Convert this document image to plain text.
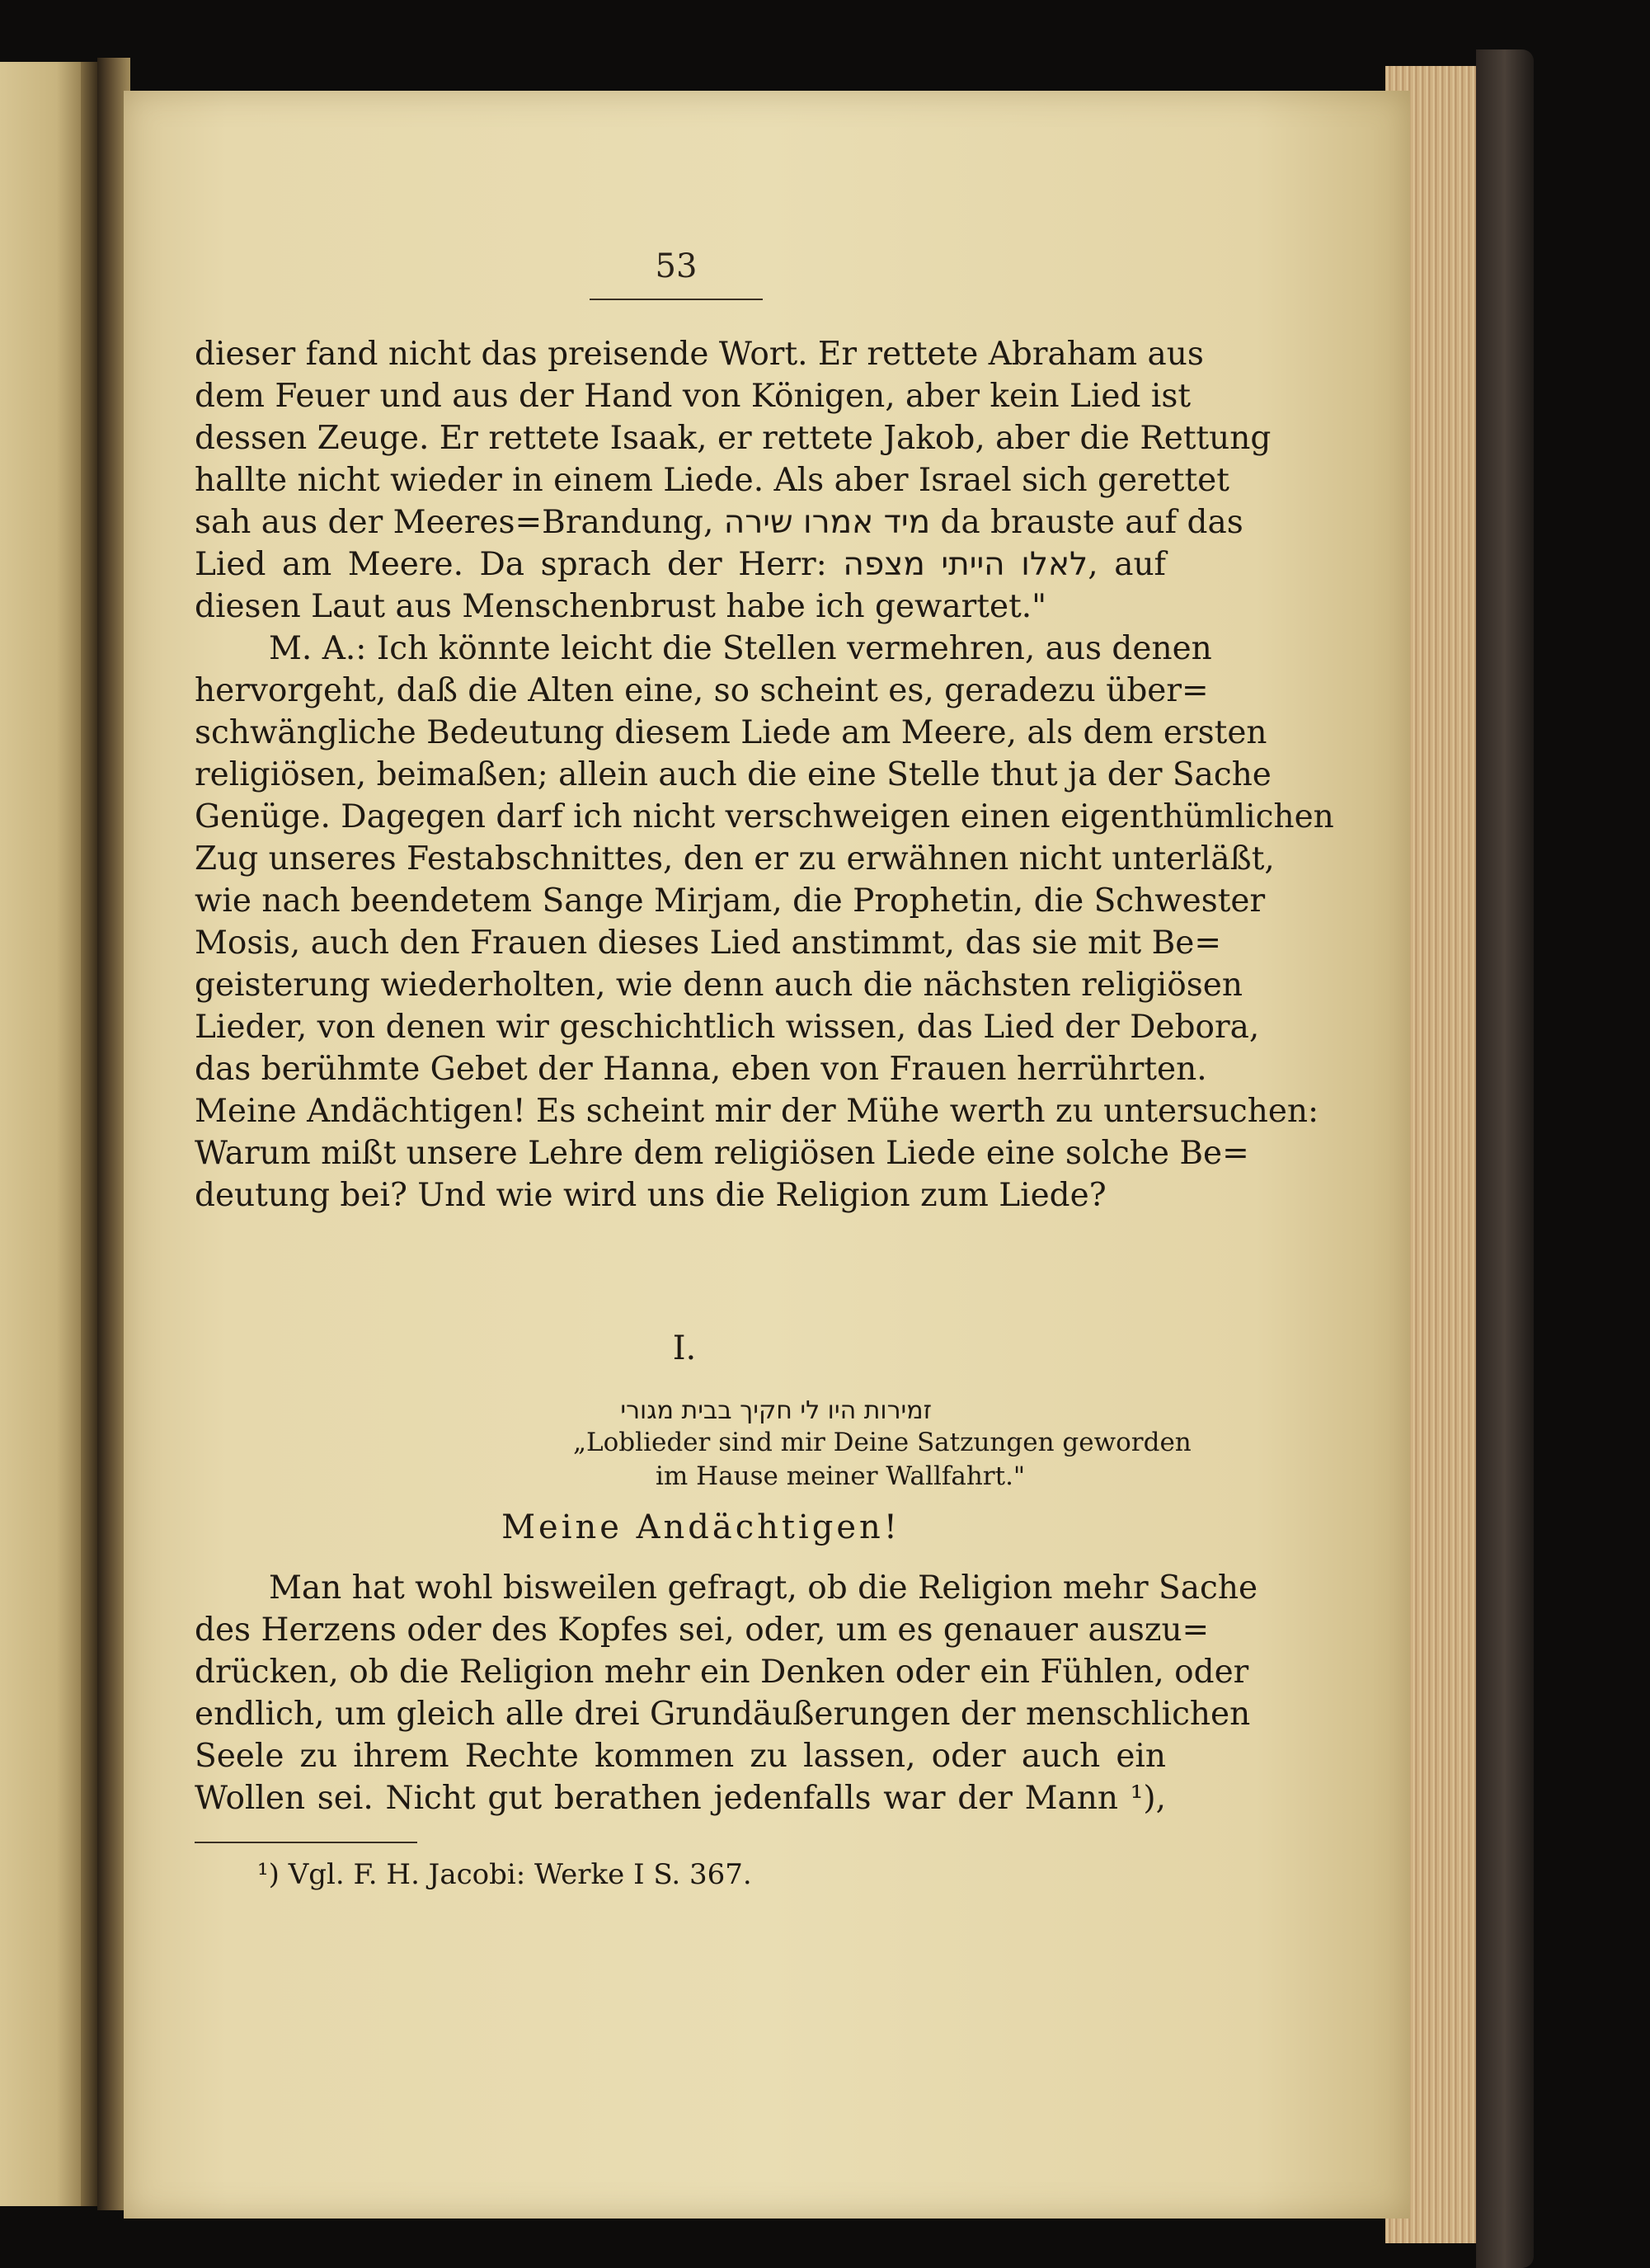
53
dieser fand nicht das preisende Wort. Er rettete Abraham aus
dem Feuer und aus der Hand von Königen, aber kein Lied ist
dessen Zeuge. Er rettete Isaak, er rettete Jakob, aber die Rettung
hallte nicht wieder in einem Liede. Als aber Israel sich gerettet
sah aus der Meeres=Brandung, מיד אמרו שירה da brauste auf das
Lied am Meere. Da sprach der Herr: לאלו הייתי מצפה, auf
diesen Laut aus Menschenbrust habe ich gewartet."
M. A.: Ich könnte leicht die Stellen vermehren, aus denen
hervorgeht, daß die Alten eine, so scheint es, geradezu über=
schwängliche Bedeutung diesem Liede am Meere, als dem ersten
religiösen, beimaßen; allein auch die eine Stelle thut ja der Sache
Genüge. Dagegen darf ich nicht verschweigen einen eigenthümlichen
Zug unseres Festabschnittes, den er zu erwähnen nicht unterläßt,
wie nach beendetem Sange Mirjam, die Prophetin, die Schwester
Mosis, auch den Frauen dieses Lied anstimmt, das sie mit Be=
geisterung wiederholten, wie denn auch die nächsten religiösen
Lieder, von denen wir geschichtlich wissen, das Lied der Debora,
das berühmte Gebet der Hanna, eben von Frauen herrührten.
Meine Andächtigen! Es scheint mir der Mühe werth zu untersuchen:
Warum mißt unsere Lehre dem religiösen Liede eine solche Be=
deutung bei? Und wie wird uns die Religion zum Liede?
I.
זמירות היו לי חקיך בבית מגורי
„Loblieder sind mir Deine Satzungen geworden
im Hause meiner Wallfahrt."
Meine Andächtigen!
Man hat wohl bisweilen gefragt, ob die Religion mehr Sache
des Herzens oder des Kopfes sei, oder, um es genauer auszu=
drücken, ob die Religion mehr ein Denken oder ein Fühlen, oder
endlich, um gleich alle drei Grundäußerungen der menschlichen
Seele zu ihrem Rechte kommen zu lassen, oder auch ein
Wollen sei. Nicht gut berathen jedenfalls war der Mann ¹),
¹) Vgl. F. H. Jacobi: Werke I S. 367.
